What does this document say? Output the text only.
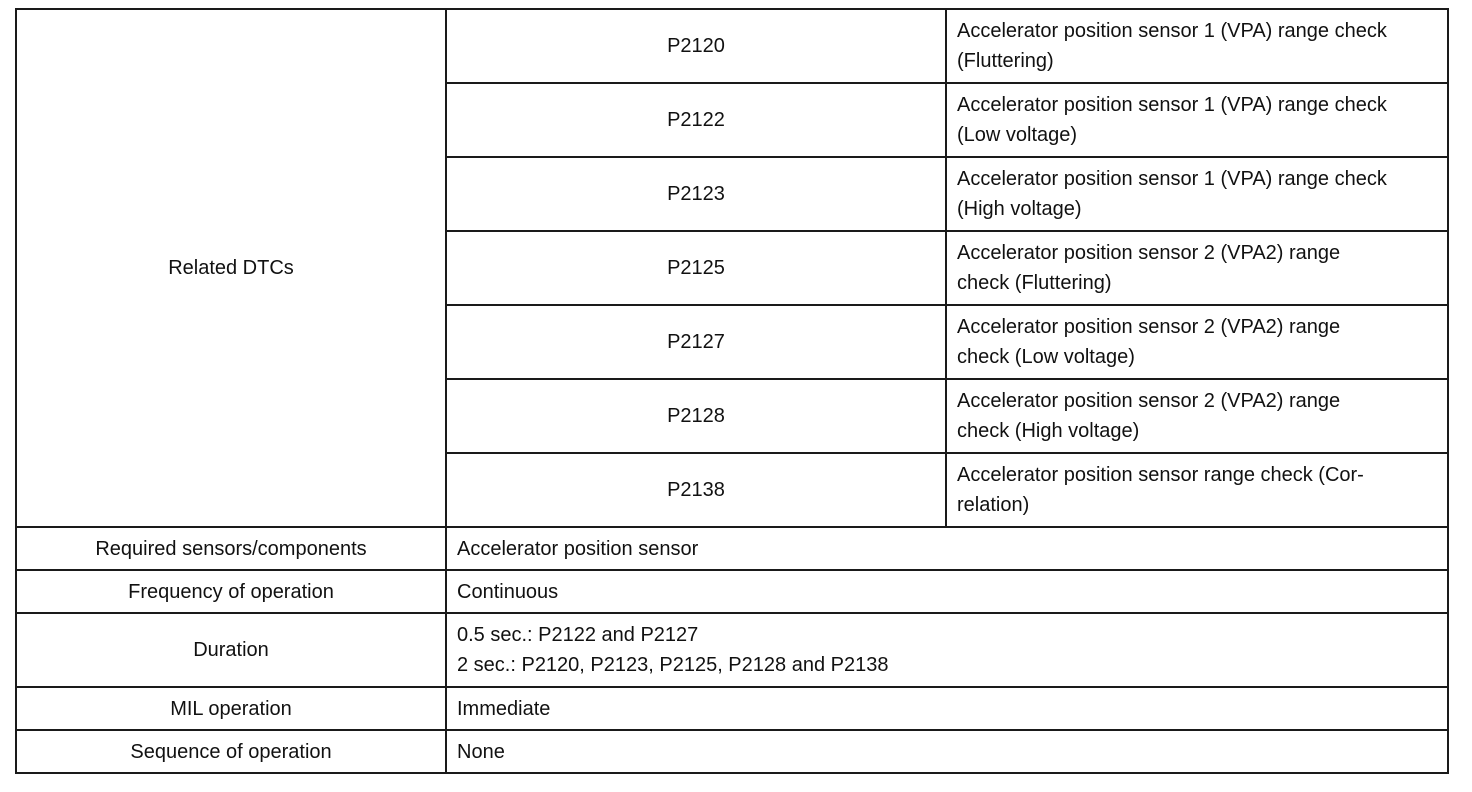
Related DTCs	P2120	Accelerator position sensor 1 (VPA) range check
(Fluttering)

	P2122	Accelerator position sensor 1 (VPA) range check
(Low voltage)

	P2123	Accelerator position sensor 1 (VPA) range check
(High voltage)

	P2125	Accelerator position sensor 2 (VPA2) range
check (Fluttering)

	P2127	Accelerator position sensor 2 (VPA2) range
check (Low voltage)

	P2128	Accelerator position sensor 2 (VPA2) range
check (High voltage)

	P2138	Accelerator position sensor range check (Cor-
relation)

Required sensors/components	Accelerator position sensor	
Frequency of operation	Continuous	
Duration	0.5 sec.: P2122 and P2127
2 sec.: P2120, P2123, P2125, P2128 and P2138	

MIL operation	Immediate	
Sequence of operation	None	
